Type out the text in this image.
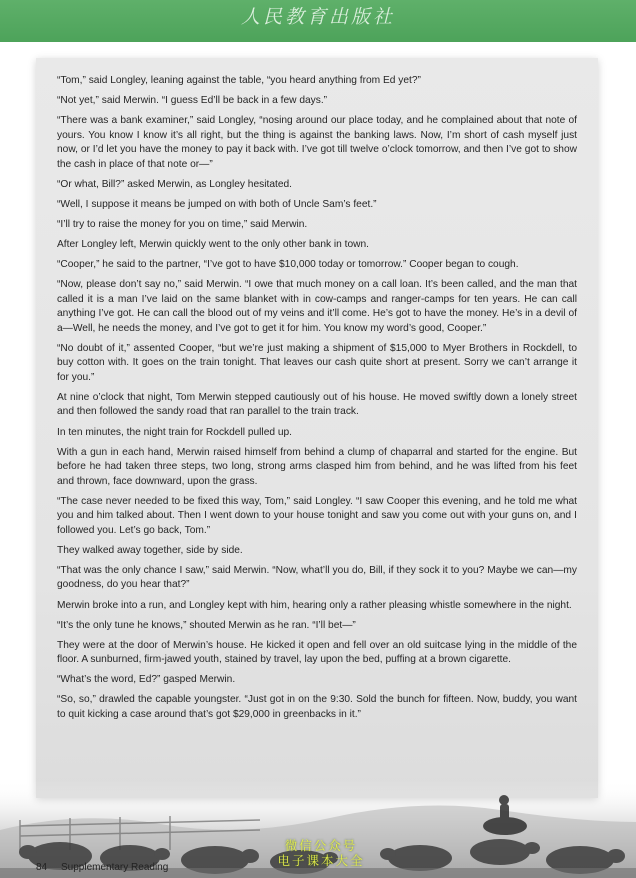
人民教育出版社

“Tom,” said Longley, leaning against the table, “you heard anything from Ed yet?”

“Not yet,” said Merwin. “I guess Ed’ll be back in a few days.”

“There was a bank examiner,” said Longley, “nosing around our place today, and he complained about that note of yours. You know I know it’s all right, but the thing is against the banking laws. Now, I’m short of cash myself just now, or I’d let you have the money to pay it back with. I’ve got till twelve o’clock tomorrow, and then I’ve got to show the cash in place of that note or—”

“Or what, Bill?” asked Merwin, as Longley hesitated.

“Well, I suppose it means be jumped on with both of Uncle Sam’s feet.”

“I’ll try to raise the money for you on time,” said Merwin.

After Longley left, Merwin quickly went to the only other bank in town.

“Cooper,” he said to the partner, “I’ve got to have $10,000 today or tomorrow.” Cooper began to cough.

“Now, please don’t say no,” said Merwin. “I owe that much money on a call loan. It’s been called, and the man that called it is a man I’ve laid on the same blanket with in cow-camps and ranger-camps for ten years. He can call anything I’ve got. He can call the blood out of my veins and it’ll come. He’s got to have the money. He’s in a devil of a—Well, he needs the money, and I’ve got to get it for him. You know my word’s good, Cooper.”

“No doubt of it,” assented Cooper, “but we’re just making a shipment of $15,000 to Myer Brothers in Rockdell, to buy cotton with. It goes on the train tonight. That leaves our cash quite short at present. Sorry we can’t arrange it for you.”

At nine o’clock that night, Tom Merwin stepped cautiously out of his house. He moved swiftly down a lonely street and then followed the sandy road that ran parallel to the train track.

In ten minutes, the night train for Rockdell pulled up.

With a gun in each hand, Merwin raised himself from behind a clump of chaparral and started for the engine. But before he had taken three steps, two long, strong arms clasped him from behind, and he was lifted from his feet and thrown, face downward, upon the grass.

“The case never needed to be fixed this way, Tom,” said Longley. “I saw Cooper this evening, and he told me what you and him talked about. Then I went down to your house tonight and saw you come out with your guns on, and I followed you. Let’s go back, Tom.”

They walked away together, side by side.

“That was the only chance I saw,” said Merwin. “Now, what’ll you do, Bill, if they sock it to you? Maybe we can—my goodness, do you hear that?”

Merwin broke into a run, and Longley kept with him, hearing only a rather pleasing whistle somewhere in the night.

“It’s the only tune he knows,” shouted Merwin as he ran. “I’ll bet—”

They were at the door of Merwin’s house. He kicked it open and fell over an old suitcase lying in the middle of the floor. A sunburned, firm-jawed youth, stained by travel, lay upon the bed, puffing at a brown cigarette.

“What’s the word, Ed?” gasped Merwin.

“So, so,” drawled the capable youngster. “Just got in on the 9:30. Sold the bunch for fifteen. Now, buddy, you want to quit kicking a case around that’s got $29,000 in greenbacks in it.”

84 Supplementary Reading

微信公众号
电子课本大全
